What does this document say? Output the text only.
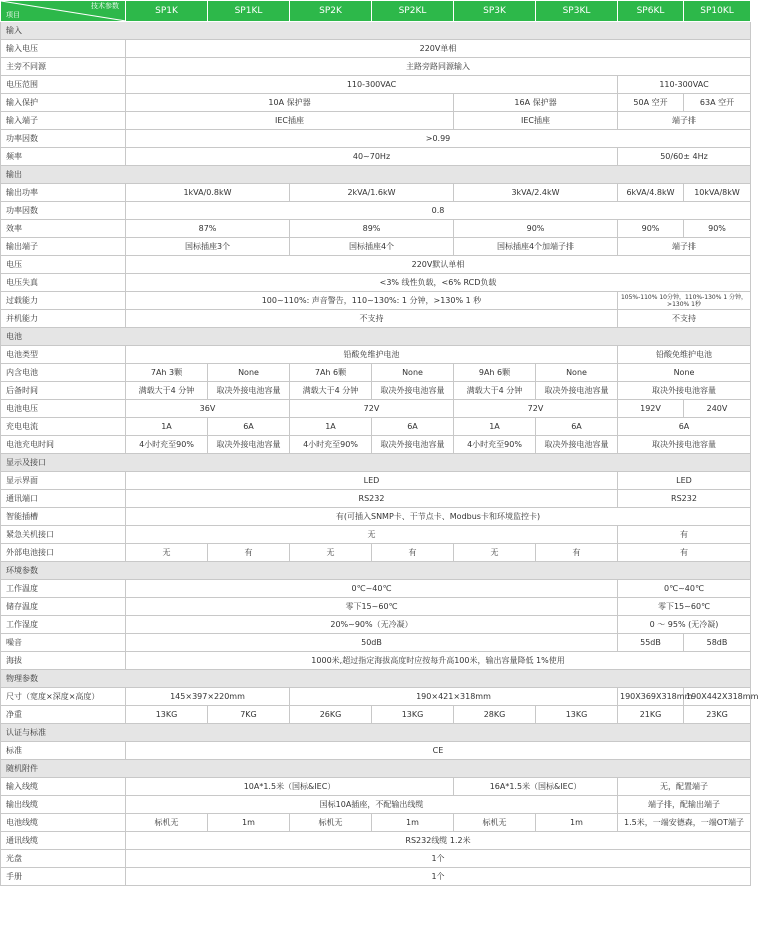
技术参数
项目	SP1K	SP1KL	SP2K	SP2KL	SP3K	SP3KL	SP6KL	SP10KL
输入								
输入电压	220V单相							
主旁不同源	主路旁路同源输入							
电压范围	110-300VAC						110-300VAC	
输入保护	10A 保护器				16A 保护器		50A 空开	63A 空开
输入端子	IEC插座				IEC插座		端子排	
功率因数	>0.99							
频率	40~70Hz						50/60± 4Hz	
输出								
输出功率	1kVA/0.8kW		2kVA/1.6kW		3kVA/2.4kW		6kVA/4.8kW	10kVA/8kW
功率因数	0.8							
效率	87%		89%		90%		90%	90%
输出端子	国标插座3个		国标插座4个		国标插座4个加端子排		端子排	
电压	220V默认单相							
电压失真	<3% 线性负载，<6% RCD负载							
过载能力	100~110%: 声音警告，110~130%: 1 分钟，>130% 1 秒						105%-110% 10分钟，110%-130% 1 分钟，>130% 1秒	
并机能力	不支持						不支持	
电池								
电池类型	铅酸免维护电池						铅酸免维护电池	
内含电池	7Ah 3颗	None	7Ah 6颗	None	9Ah 6颗	None	None	
后备时间	满载大于4 分钟	取决外接电池容量	满载大于4 分钟	取决外接电池容量	满载大于4 分钟	取决外接电池容量	取决外接电池容量	
电池电压	36V		72V		72V		192V	240V
充电电流	1A	6A	1A	6A	1A	6A	6A	
电池充电时间	4小时充至90%	取决外接电池容量	4小时充至90%	取决外接电池容量	4小时充至90%	取决外接电池容量	取决外接电池容量	
显示及接口								
显示界面	LED						LED	
通讯端口	RS232						RS232	
智能插槽	有(可插入SNMP卡、干节点卡、Modbus卡和环境监控卡)							
紧急关机接口	无						有	
外部电池接口	无	有	无	有	无	有	有	
环境参数								
工作温度	0℃~40℃						0℃~40℃	
储存温度	零下15~60℃						零下15~60℃	
工作湿度	20%~90%（无冷凝）						0 ～ 95% (无冷凝)	
噪音	50dB						55dB	58dB
海拔	1000米,超过指定海拔高度时应按每升高100米，输出容量降低 1%使用							
物理参数								
尺寸（宽度×深度×高度）	145×397×220mm		190×421×318mm				190X369X318mm	190X442X318mm
净重	13KG	7KG	26KG	13KG	28KG	13KG	21KG	23KG
认证与标准								
标准	CE							
随机附件								
输入线缆	10A*1.5米（国标&IEC）				16A*1.5米（国标&IEC）		无，配置端子	
输出线缆	国标10A插座，不配输出线缆						端子排，配输出端子	
电池线缆	标机无	1m	标机无	1m	标机无	1m	1.5米，一端安德森，一端OT端子	
通讯线缆	RS232线缆 1.2米							
光盘	1个							
手册	1个							
